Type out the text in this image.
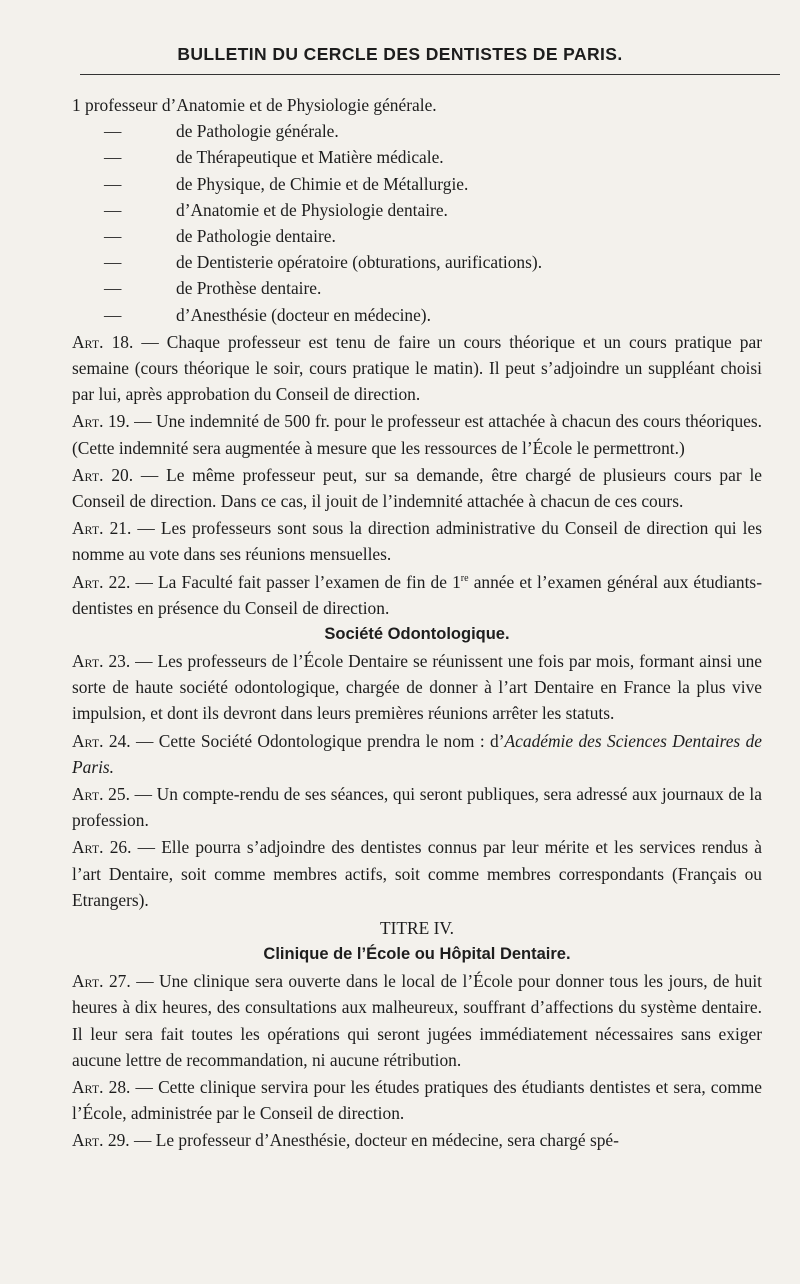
BULLETIN DU CERCLE DES DENTISTES DE PARIS.
1 professeur d’Anatomie et de Physiologie générale.
—	de Pathologie générale.
—	de Thérapeutique et Matière médicale.
—	de Physique, de Chimie et de Métallurgie.
—	d’Anatomie et de Physiologie dentaire.
—	de Pathologie dentaire.
—	de Dentisterie opératoire (obturations, aurifications).
—	de Prothèse dentaire.
—	d’Anesthésie (docteur en médecine).
Art. 18. — Chaque professeur est tenu de faire un cours théorique et un cours pratique par semaine (cours théorique le soir, cours pratique le matin). Il peut s’adjoindre un suppléant choisi par lui, après approbation du Conseil de direction.
Art. 19. — Une indemnité de 500 fr. pour le professeur est attachée à chacun des cours théoriques. (Cette indemnité sera augmentée à mesure que les ressources de l’École le permettront.)
Art. 20. — Le même professeur peut, sur sa demande, être chargé de plusieurs cours par le Conseil de direction. Dans ce cas, il jouit de l’indemnité attachée à chacun de ces cours.
Art. 21. — Les professeurs sont sous la direction administrative du Conseil de direction qui les nomme au vote dans ses réunions mensuelles.
Art. 22. — La Faculté fait passer l’examen de fin de 1re année et l’examen général aux étudiants-dentistes en présence du Conseil de direction.
Société Odontologique.
Art. 23. — Les professeurs de l’École Dentaire se réunissent une fois par mois, formant ainsi une sorte de haute société odontologique, chargée de donner à l’art Dentaire en France la plus vive impulsion, et dont ils devront dans leurs premières réunions arrêter les statuts.
Art. 24. — Cette Société Odontologique prendra le nom : d’Académie des Sciences Dentaires de Paris.
Art. 25. — Un compte-rendu de ses séances, qui seront publiques, sera adressé aux journaux de la profession.
Art. 26. — Elle pourra s’adjoindre des dentistes connus par leur mérite et les services rendus à l’art Dentaire, soit comme membres actifs, soit comme membres correspondants (Français ou Etrangers).
TITRE IV.
Clinique de l’École ou Hôpital Dentaire.
Art. 27. — Une clinique sera ouverte dans le local de l’École pour donner tous les jours, de huit heures à dix heures, des consultations aux malheureux, souffrant d’affections du système dentaire. Il leur sera fait toutes les opérations qui seront jugées immédiatement nécessaires sans exiger aucune lettre de recommandation, ni aucune rétribution.
Art. 28. — Cette clinique servira pour les études pratiques des étudiants dentistes et sera, comme l’École, administrée par le Conseil de direction.
Art. 29. — Le professeur d’Anesthésie, docteur en médecine, sera chargé spé-
